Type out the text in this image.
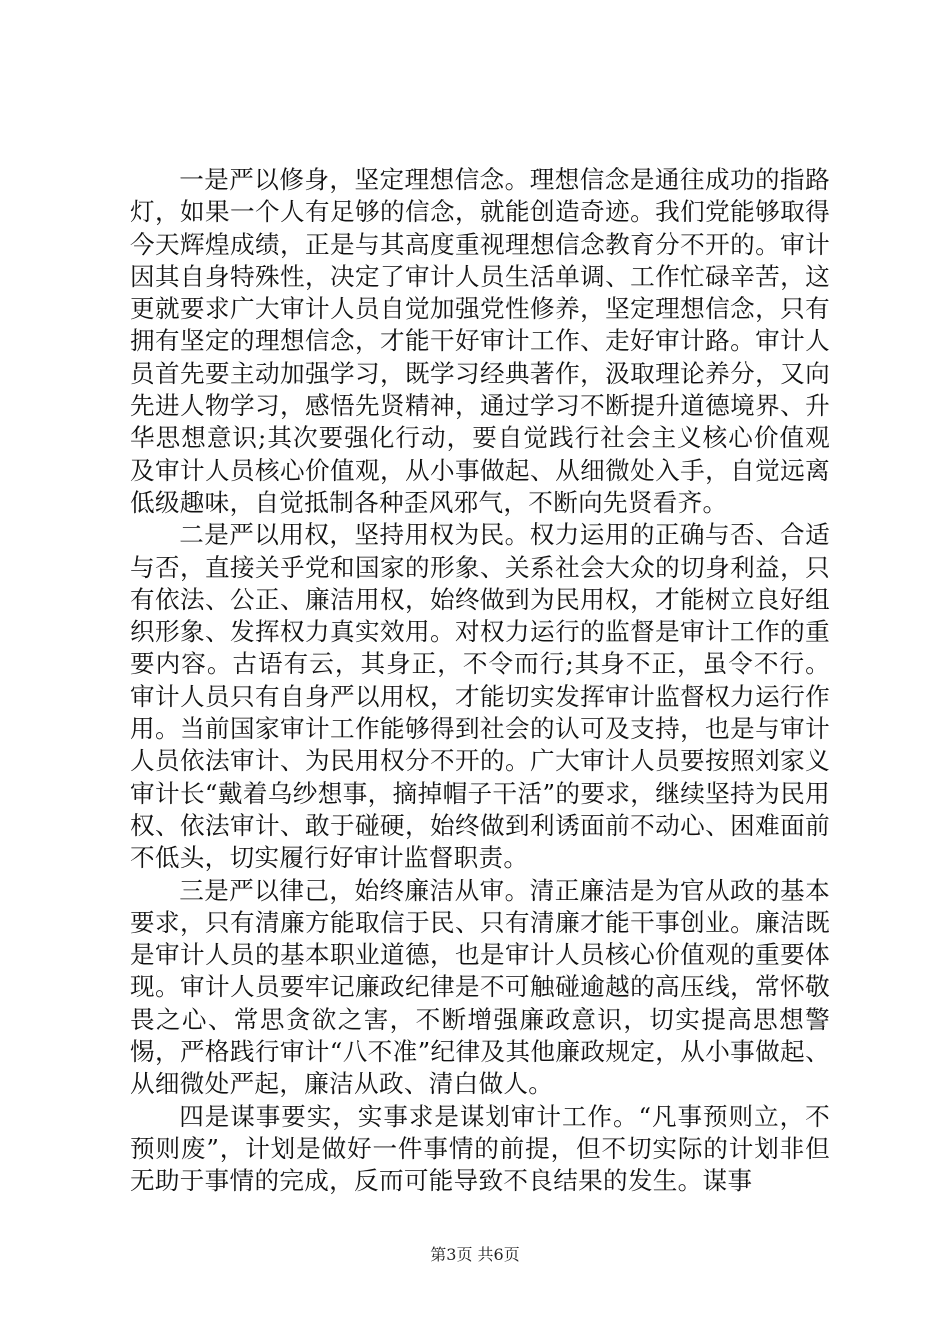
一是严以修身，坚定理想信念。理想信念是通往成功的指路灯，如果一个人有足够的信念，就能创造奇迹。我们党能够取得今天辉煌成绩，正是与其高度重视理想信念教育分不开的。审计因其自身特殊性，决定了审计人员生活单调、工作忙碌辛苦，这更就要求广大审计人员自觉加强党性修养，坚定理想信念，只有拥有坚定的理想信念，才能干好审计工作、走好审计路。审计人员首先要主动加强学习，既学习经典著作，汲取理论养分，又向先进人物学习，感悟先贤精神，通过学习不断提升道德境界、升华思想意识;其次要强化行动，要自觉践行社会主义核心价值观及审计人员核心价值观，从小事做起、从细微处入手，自觉远离低级趣味，自觉抵制各种歪风邪气，不断向先贤看齐。

二是严以用权，坚持用权为民。权力运用的正确与否、合适与否，直接关乎党和国家的形象、关系社会大众的切身利益，只有依法、公正、廉洁用权，始终做到为民用权，才能树立良好组织形象、发挥权力真实效用。对权力运行的监督是审计工作的重要内容。古语有云，其身正，不令而行;其身不正，虽令不行。审计人员只有自身严以用权，才能切实发挥审计监督权力运行作用。当前国家审计工作能够得到社会的认可及支持，也是与审计人员依法审计、为民用权分不开的。广大审计人员要按照刘家义审计长“戴着乌纱想事，摘掉帽子干活”的要求，继续坚持为民用权、依法审计、敢于碰硬，始终做到利诱面前不动心、困难面前不低头，切实履行好审计监督职责。

三是严以律己，始终廉洁从审。清正廉洁是为官从政的基本要求，只有清廉方能取信于民、只有清廉才能干事创业。廉洁既是审计人员的基本职业道德，也是审计人员核心价值观的重要体现。审计人员要牢记廉政纪律是不可触碰逾越的高压线，常怀敬畏之心、常思贪欲之害，不断增强廉政意识，切实提高思想警惕，严格践行审计“八不准”纪律及其他廉政规定，从小事做起、从细微处严起，廉洁从政、清白做人。

四是谋事要实，实事求是谋划审计工作。“凡事预则立，不预则废”，计划是做好一件事情的前提，但不切实际的计划非但无助于事情的完成，反而可能导致不良结果的发生。谋事

第3页 共6页
